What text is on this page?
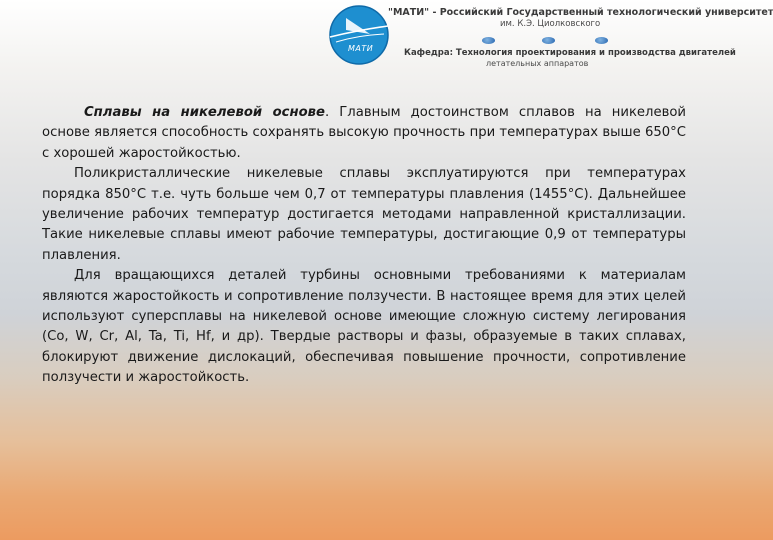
МАТИ
"МАТИ" - Российский Государственный технологический университет
им. К.Э. Циолковского
Кафедра: Технология проектирования и производства двигателей
летательных аппаратов

Сплавы на никелевой основе. Главным достоинством сплавов на никелевой основе является способность сохранять высокую прочность при температурах выше 650°С с хорошей жаростойкостью.

Поликристаллические никелевые сплавы эксплуатируются при температурах порядка 850°С т.е. чуть больше чем 0,7 от температуры плавления (1455°С). Дальнейшее увеличение рабочих температур достигается методами направленной кристаллизации. Такие никелевые сплавы имеют рабочие температуры, достигающие 0,9 от температуры плавления.

Для вращающихся деталей турбины основными требованиями к материалам являются жаростойкость и сопротивление ползучести. В настоящее время для этих целей используют суперсплавы на никелевой основе имеющие сложную систему легирования (Co, W, Cr, Al, Ta, Ti, Hf, и др). Твердые растворы и фазы, образуемые в таких сплавах, блокируют движение дислокаций, обеспечивая повышение прочности, сопротивление ползучести и жаростойкость.
